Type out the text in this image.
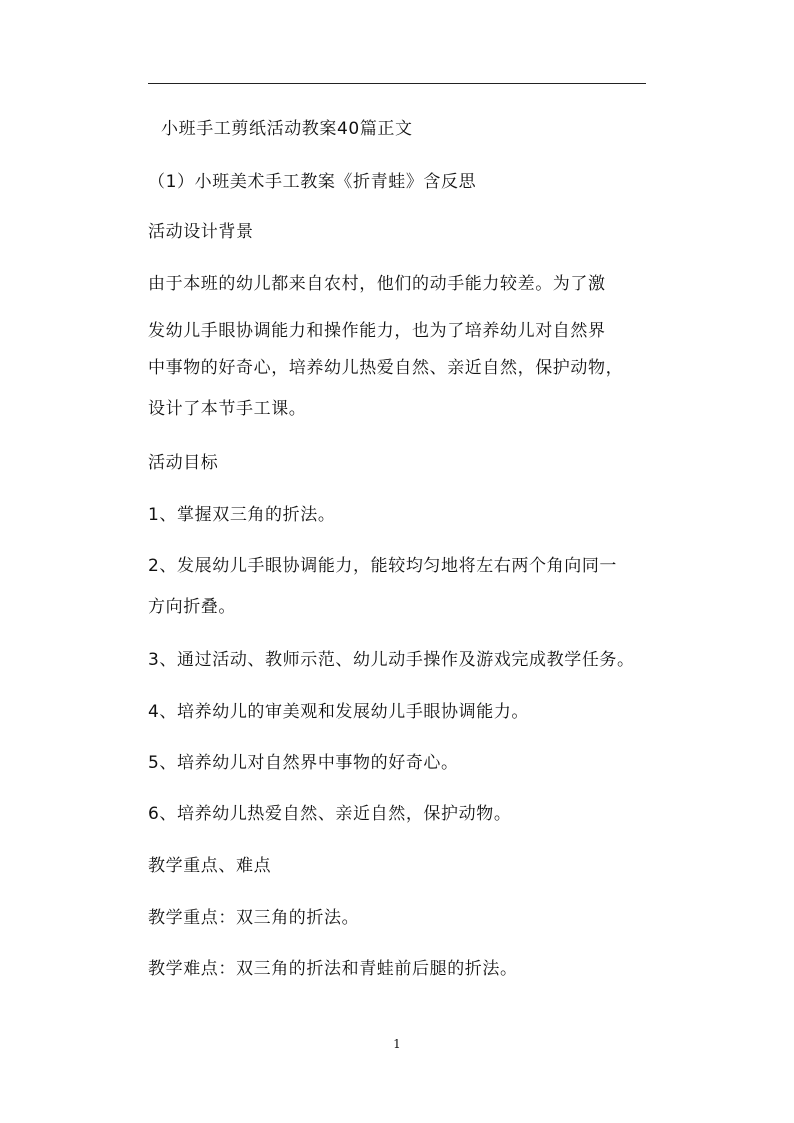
小班手工剪纸活动教案40篇正文
（1）小班美术手工教案《折青蛙》含反思
活动设计背景
由于本班的幼儿都来自农村，他们的动手能力较差。为了激
发幼儿手眼协调能力和操作能力，也为了培养幼儿对自然界
中事物的好奇心，培养幼儿热爱自然、亲近自然，保护动物，
设计了本节手工课。
活动目标
1、掌握双三角的折法。
2、发展幼儿手眼协调能力，能较均匀地将左右两个角向同一
方向折叠。
3、通过活动、教师示范、幼儿动手操作及游戏完成教学任务。
4、培养幼儿的审美观和发展幼儿手眼协调能力。
5、培养幼儿对自然界中事物的好奇心。
6、培养幼儿热爱自然、亲近自然，保护动物。
教学重点、难点
教学重点：双三角的折法。
教学难点：双三角的折法和青蛙前后腿的折法。
1
